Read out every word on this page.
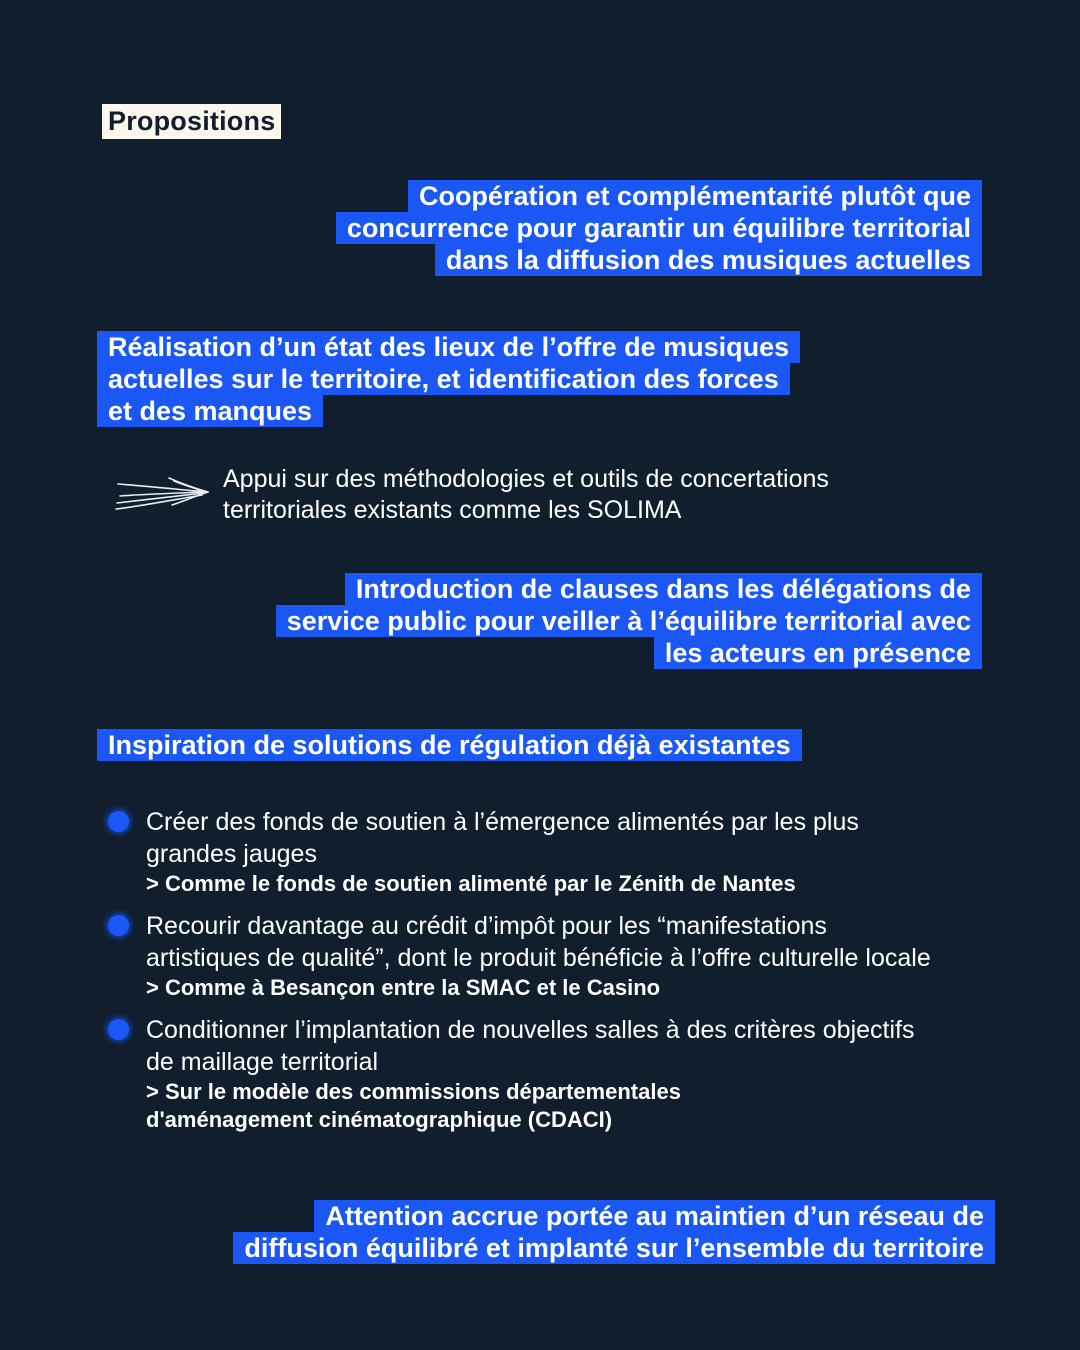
Propositions
Coopération et complémentarité plutôt que
concurrence pour garantir un équilibre territorial
dans la diffusion des musiques actuelles
Réalisation d’un état des lieux de l’offre de musiques
actuelles sur le territoire, et identification des forces
et des manques
Appui sur des méthodologies et outils de concertations
territoriales existants comme les SOLIMA
Introduction de clauses dans les délégations de
service public pour veiller à l’équilibre territorial avec
les acteurs en présence
Inspiration de solutions de régulation déjà existantes

Créer des fonds de soutien à l’émergence alimentés par les plus
grandes jauges

> Comme le fonds de soutien alimenté par le Zénith de Nantes

Recourir davantage au crédit d’impôt pour les “manifestations
artistiques de qualité”, dont le produit bénéficie à l’offre culturelle locale

> Comme à Besançon entre la SMAC et le Casino

Conditionner l’implantation de nouvelles salles à des critères objectifs
de maillage territorial

> Sur le modèle des commissions départementales
d'aménagement cinématographique (CDACI)

Attention accrue portée au maintien d’un réseau de
diffusion équilibré et implanté sur l’ensemble du territoire
